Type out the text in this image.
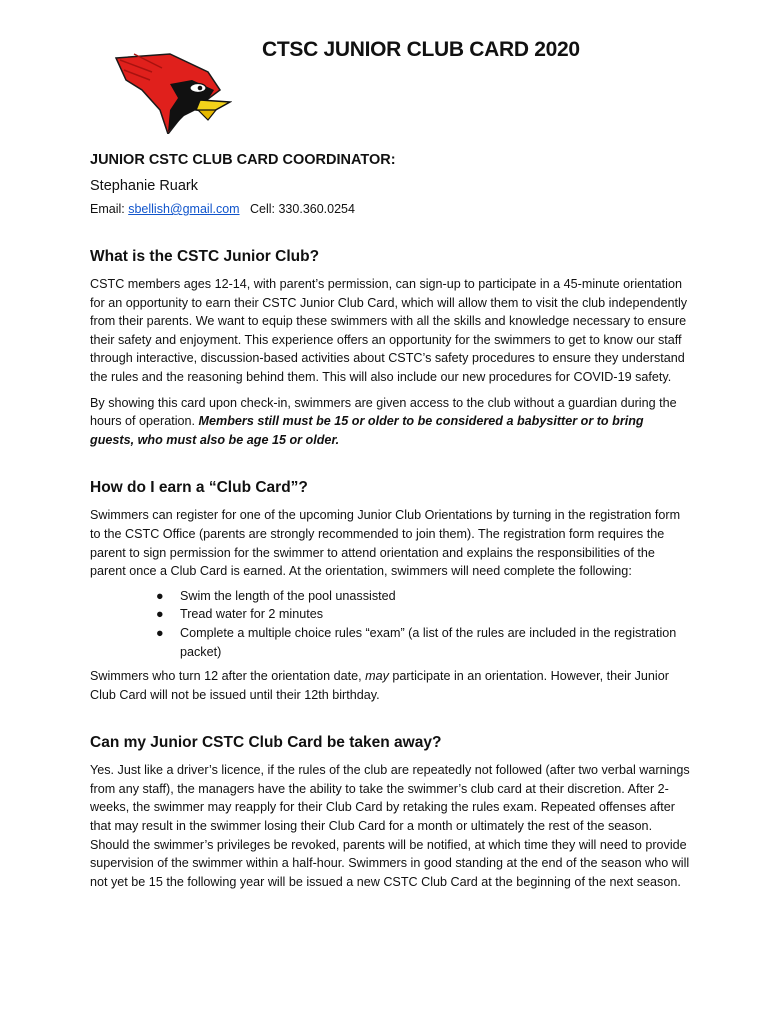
CTSC JUNIOR CLUB CARD 2020

JUNIOR CSTC CLUB CARD COORDINATOR:

Stephanie Ruark

Email: sbellish@gmail.com Cell: 330.360.0254

What is the CSTC Junior Club?

CSTC members ages 12-14, with parent’s permission, can sign-up to participate in a 45-minute orientation for an opportunity to earn their CSTC Junior Club Card, which will allow them to visit the club independently from their parents. We want to equip these swimmers with all the skills and knowledge necessary to ensure their safety and enjoyment. This experience offers an opportunity for the swimmers to get to know our staff through interactive, discussion-based activities about CSTC’s safety procedures to ensure they understand the rules and the reasoning behind them. This will also include our new procedures for COVID-19 safety.

By showing this card upon check-in, swimmers are given access to the club without a guardian during the hours of operation. Members still must be 15 or older to be considered a babysitter or to bring guests, who must also be age 15 or older.

How do I earn a “Club Card”?

Swimmers can register for one of the upcoming Junior Club Orientations by turning in the registration form to the CSTC Office (parents are strongly recommended to join them). The registration form requires the parent to sign permission for the swimmer to attend orientation and explains the responsibilities of the parent once a Club Card is earned. At the orientation, swimmers will need complete the following:

● Swim the length of the pool unassisted
● Tread water for 2 minutes
● Complete a multiple choice rules “exam” (a list of the rules are included in the registration packet)

Swimmers who turn 12 after the orientation date, may participate in an orientation. However, their Junior Club Card will not be issued until their 12th birthday.

Can my Junior CSTC Club Card be taken away?

Yes. Just like a driver’s licence, if the rules of the club are repeatedly not followed (after two verbal warnings from any staff), the managers have the ability to take the swimmer’s club card at their discretion. After 2-weeks, the swimmer may reapply for their Club Card by retaking the rules exam. Repeated offenses after that may result in the swimmer losing their Club Card for a month or ultimately the rest of the season. Should the swimmer’s privileges be revoked, parents will be notified, at which time they will need to provide supervision of the swimmer within a half-hour. Swimmers in good standing at the end of the season who will not yet be 15 the following year will be issued a new CSTC Club Card at the beginning of the next season.
